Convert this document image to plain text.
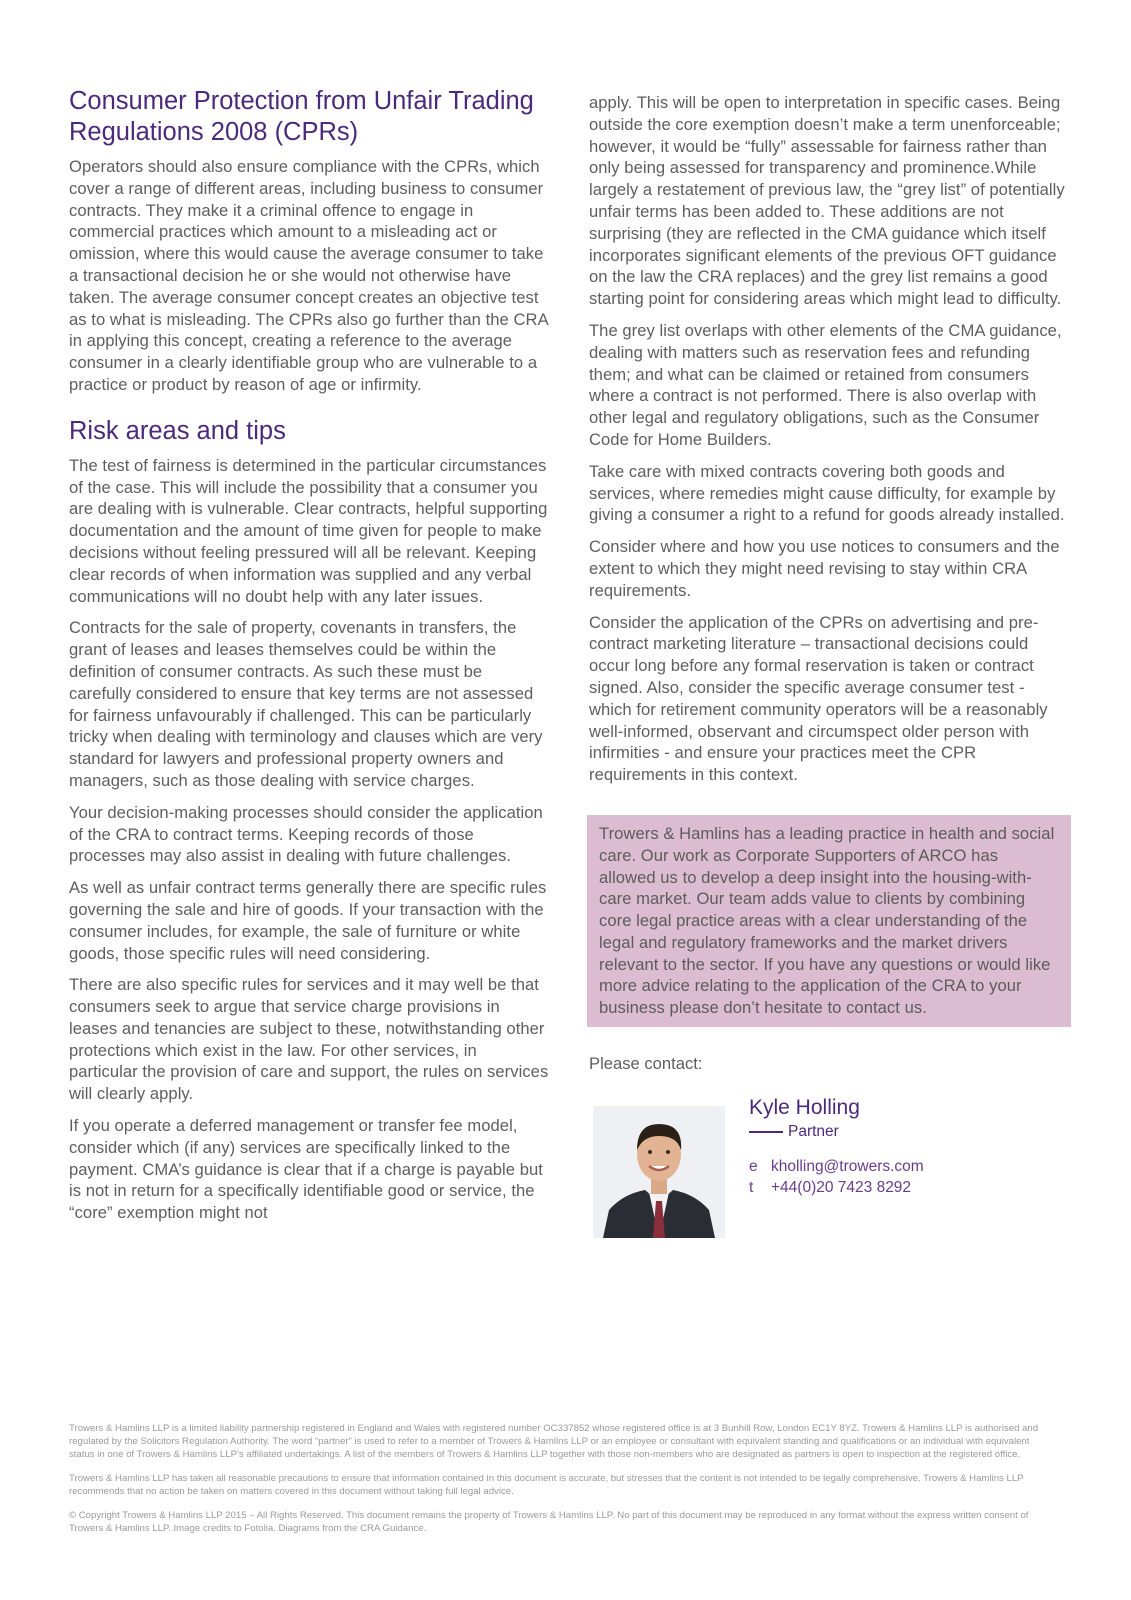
Consumer Protection from Unfair Trading Regulations 2008 (CPRs)

Operators should also ensure compliance with the CPRs, which cover a range of different areas, including business to consumer contracts. They make it a criminal offence to engage in commercial practices which amount to a misleading act or omission, where this would cause the average consumer to take a transactional decision he or she would not otherwise have taken. The average consumer concept creates an objective test as to what is misleading. The CPRs also go further than the CRA in applying this concept, creating a reference to the average consumer in a clearly identifiable group who are vulnerable to a practice or product by reason of age or infirmity.

Risk areas and tips

The test of fairness is determined in the particular circumstances of the case. This will include the possibility that a consumer you are dealing with is vulnerable. Clear contracts, helpful supporting documentation and the amount of time given for people to make decisions without feeling pressured will all be relevant. Keeping clear records of when information was supplied and any verbal communications will no doubt help with any later issues.

Contracts for the sale of property, covenants in transfers, the grant of leases and leases themselves could be within the definition of consumer contracts. As such these must be carefully considered to ensure that key terms are not assessed for fairness unfavourably if challenged. This can be particularly tricky when dealing with terminology and clauses which are very standard for lawyers and professional property owners and managers, such as those dealing with service charges.

Your decision-making processes should consider the application of the CRA to contract terms. Keeping records of those processes may also assist in dealing with future challenges.

As well as unfair contract terms generally there are specific rules governing the sale and hire of goods. If your transaction with the consumer includes, for example, the sale of furniture or white goods, those specific rules will need considering.

There are also specific rules for services and it may well be that consumers seek to argue that service charge provisions in leases and tenancies are subject to these, notwithstanding other protections which exist in the law. For other services, in particular the provision of care and support, the rules on services will clearly apply.

If you operate a deferred management or transfer fee model, consider which (if any) services are specifically linked to the payment. CMA’s guidance is clear that if a charge is payable but is not in return for a specifically identifiable good or service, the “core” exemption might not

apply. This will be open to interpretation in specific cases. Being outside the core exemption doesn’t make a term unenforceable; however, it would be “fully” assessable for fairness rather than only being assessed for transparency and prominence.While largely a restatement of previous law, the “grey list” of potentially unfair terms has been added to. These additions are not surprising (they are reflected in the CMA guidance which itself incorporates significant elements of the previous OFT guidance on the law the CRA replaces) and the grey list remains a good starting point for considering areas which might lead to difficulty.

The grey list overlaps with other elements of the CMA guidance, dealing with matters such as reservation fees and refunding them; and what can be claimed or retained from consumers where a contract is not performed. There is also overlap with other legal and regulatory obligations, such as the Consumer Code for Home Builders.

Take care with mixed contracts covering both goods and services, where remedies might cause difficulty, for example by giving a consumer a right to a refund for goods already installed.

Consider where and how you use notices to consumers and the extent to which they might need revising to stay within CRA requirements.

Consider the application of the CPRs on advertising and pre-contract marketing literature – transactional decisions could occur long before any formal reservation is taken or contract signed. Also, consider the specific average consumer test - which for retirement community operators will be a reasonably well-informed, observant and circumspect older person with infirmities - and ensure your practices meet the CPR requirements in this context.

Trowers & Hamlins has a leading practice in health and social care. Our work as Corporate Supporters of ARCO has allowed us to develop a deep insight into the housing-with-care market. Our team adds value to clients by combining core legal practice areas with a clear understanding of the legal and regulatory frameworks and the market drivers relevant to the sector. If you have any questions or would like more advice relating to the application of the CRA to your business please don’t hesitate to contact us.

Please contact:
Kyle Holling
Partner
e kholling@trowers.com
t +44(0)20 7423 8292

Trowers & Hamlins LLP is a limited liability partnership registered in England and Wales with registered number OC337852 whose registered office is at 3 Bunhill Row, London EC1Y 8YZ. Trowers & Hamlins LLP is authorised and regulated by the Solicitors Regulation Authority. The word “partner” is used to refer to a member of Trowers & Hamlins LLP or an employee or consultant with equivalent standing and qualifications or an individual with equivalent status in one of Trowers & Hamlins LLP’s affiliated undertakings. A list of the members of Trowers & Hamlins LLP together with those non-members who are designated as partners is open to inspection at the registered office.

Trowers & Hamlins LLP has taken all reasonable precautions to ensure that information contained in this document is accurate, but stresses that the content is not intended to be legally comprehensive. Trowers & Hamlins LLP recommends that no action be taken on matters covered in this document without taking full legal advice.

© Copyright Trowers & Hamlins LLP 2015 – All Rights Reserved. This document remains the property of Trowers & Hamlins LLP. No part of this document may be reproduced in any format without the express written consent of Trowers & Hamlins LLP. Image credits to Fotolia. Diagrams from the CRA Guidance.
